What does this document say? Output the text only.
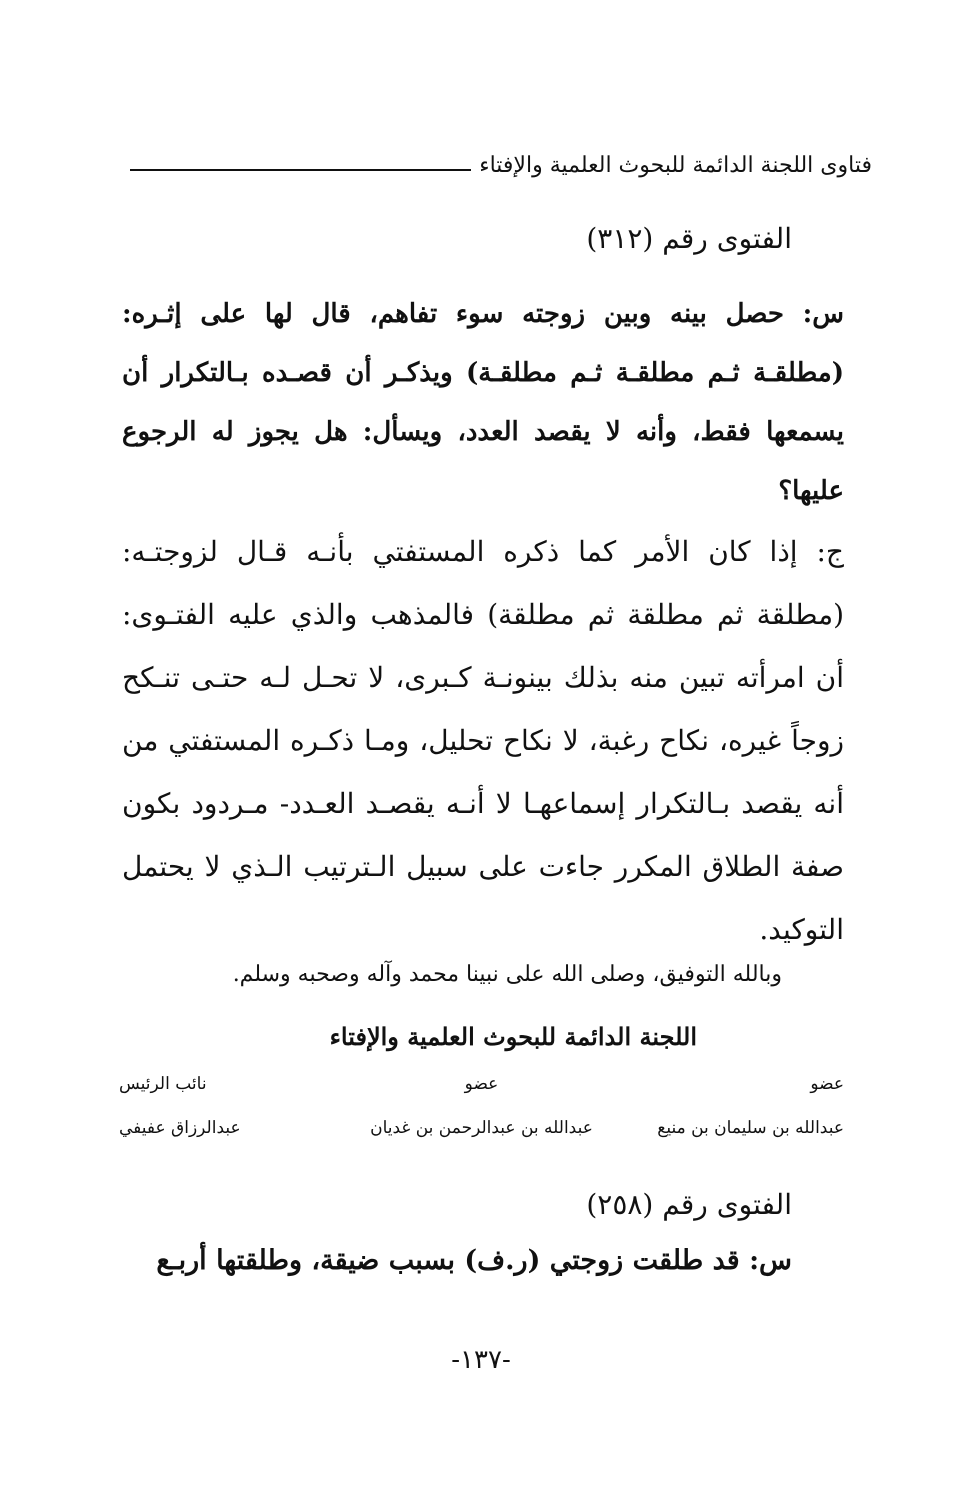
فتاوى اللجنة الدائمة للبحوث العلمية والإفتاء
الفتوى رقم (٣١٢)
س: حصل بينه وبين زوجته سوء تفاهم، قال لها على إثـره: (مطلقـة ثـم مطلقـة ثـم مطلقـة) ويذكـر أن قصـده بـالتكرار أن يسمعها فقط، وأنه لا يقصد العدد، ويسأل: هل يجوز له الرجوع عليها؟
ج: إذا كان الأمر كما ذكره المستفتي بأنـه قـال لزوجتـه: (مطلقة ثم مطلقة ثم مطلقة) فالمذهب والذي عليه الفتـوى: أن امرأته تبين منه بذلك بينونـة كـبرى، لا تحـل لـه حتـى تنـكح زوجاً غيره، نكاح رغبة، لا نكاح تحليل، ومـا ذكـره المستفتي من أنه يقصد بـالتكرار إسماعهـا لا أنـه يقصـد العـدد- مـردود بكون صفة الطلاق المكرر جاءت على سبيل الـترتيب الـذي لا يحتمل التوكيد.
وبالله التوفيق، وصلى الله على نبينا محمد وآله وصحبه وسلم.
اللجنة الدائمة للبحوث العلمية والإفتاء
عضو
عضو
نائب الرئيس
عبدالله بن سليمان بن منيع
عبدالله بن عبدالرحمن بن غديان
عبدالرزاق عفيفي
الفتوى رقم (٢٥٨)
س: قد طلقت زوجتي (ر.ف) بسبب ضيقة، وطلقتها أربـع
-١٣٧-
